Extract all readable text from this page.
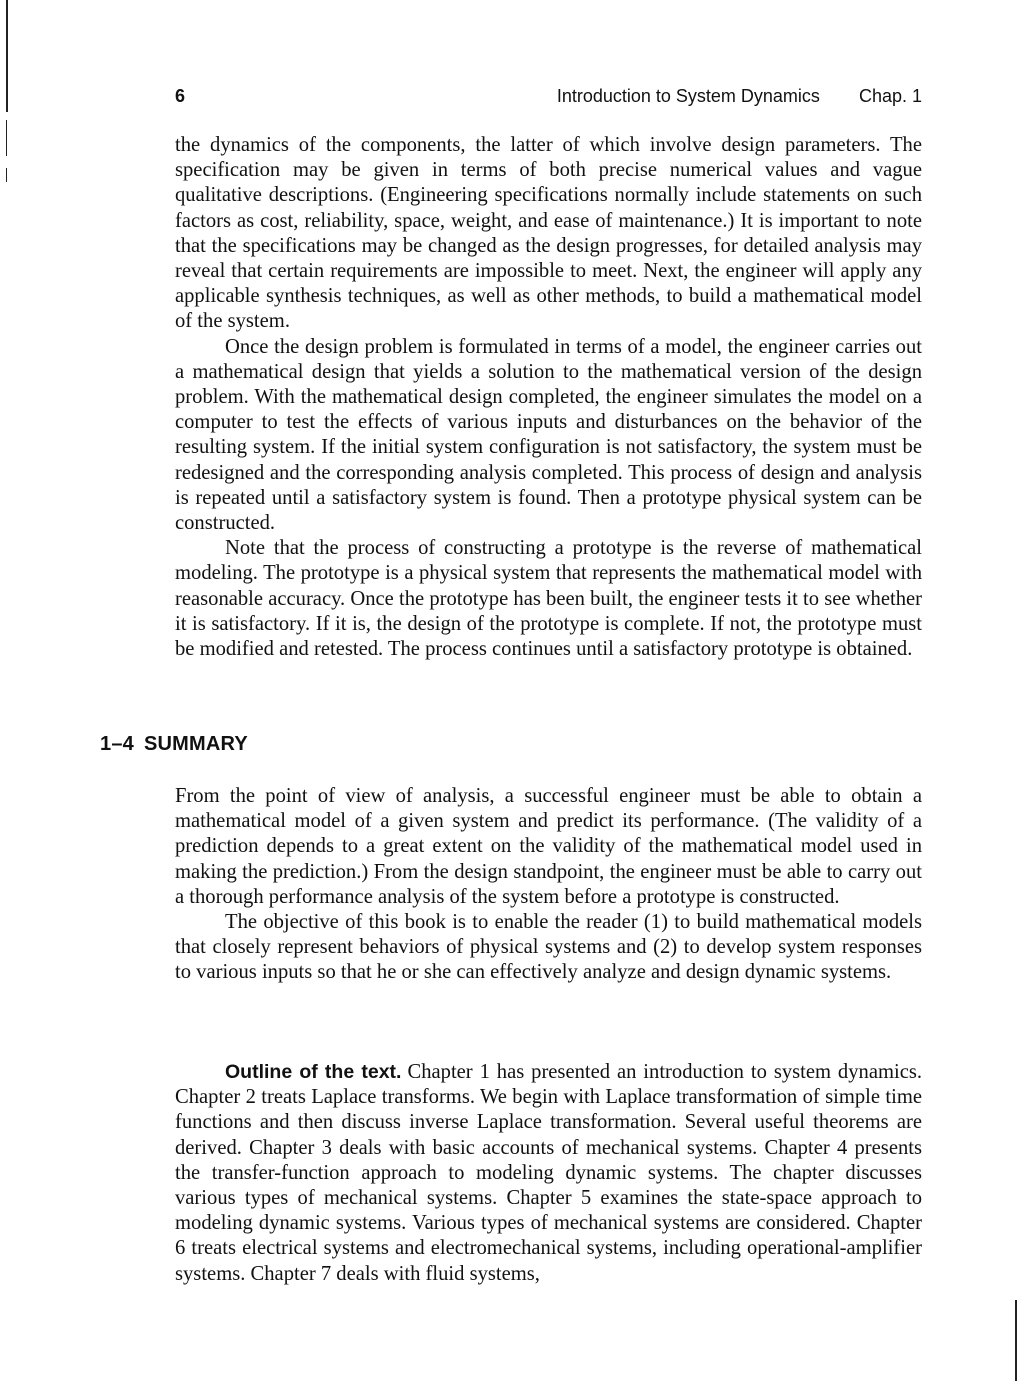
6	Introduction to System Dynamics Chap. 1

the dynamics of the components, the latter of which involve design parameters. The specification may be given in terms of both precise numerical values and vague qualitative descriptions. (Engineering specifications normally include statements on such factors as cost, reliability, space, weight, and ease of maintenance.) It is important to note that the specifications may be changed as the design progresses, for detailed analysis may reveal that certain requirements are impossible to meet. Next, the engineer will apply any applicable synthesis techniques, as well as other methods, to build a mathematical model of the system.

Once the design problem is formulated in terms of a model, the engineer carries out a mathematical design that yields a solution to the mathematical version of the design problem. With the mathematical design completed, the engineer simulates the model on a computer to test the effects of various inputs and disturbances on the behavior of the resulting system. If the initial system configuration is not satisfactory, the system must be redesigned and the corresponding analysis completed. This process of design and analysis is repeated until a satisfactory system is found. Then a prototype physical system can be constructed.

Note that the process of constructing a prototype is the reverse of mathematical modeling. The prototype is a physical system that represents the mathematical model with reasonable accuracy. Once the prototype has been built, the engineer tests it to see whether it is satisfactory. If it is, the design of the prototype is complete. If not, the prototype must be modified and retested. The process continues until a satisfactory prototype is obtained.

1–4 SUMMARY

From the point of view of analysis, a successful engineer must be able to obtain a mathematical model of a given system and predict its performance. (The validity of a prediction depends to a great extent on the validity of the mathematical model used in making the prediction.) From the design standpoint, the engineer must be able to carry out a thorough performance analysis of the system before a prototype is constructed.

The objective of this book is to enable the reader (1) to build mathematical models that closely represent behaviors of physical systems and (2) to develop system responses to various inputs so that he or she can effectively analyze and design dynamic systems.

Outline of the text. Chapter 1 has presented an introduction to system dynamics. Chapter 2 treats Laplace transforms. We begin with Laplace transformation of simple time functions and then discuss inverse Laplace transformation. Several useful theorems are derived. Chapter 3 deals with basic accounts of mechanical systems. Chapter 4 presents the transfer-function approach to modeling dynamic systems. The chapter discusses various types of mechanical systems. Chapter 5 examines the state-space approach to modeling dynamic systems. Various types of mechanical systems are considered. Chapter 6 treats electrical systems and electromechanical systems, including operational-amplifier systems. Chapter 7 deals with fluid systems,
